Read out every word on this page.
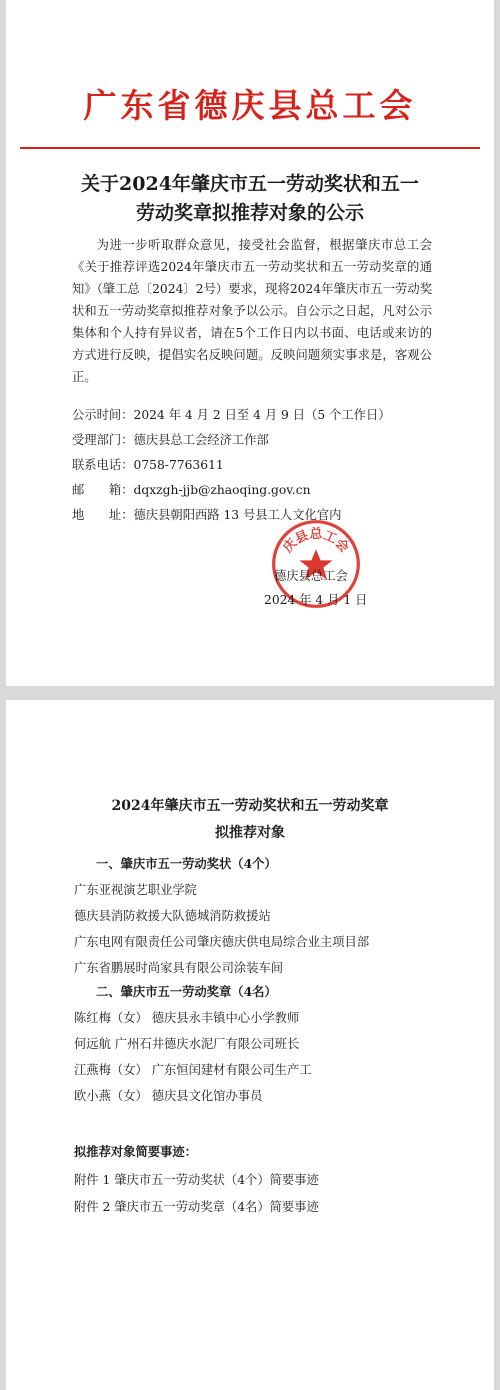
广东省德庆县总工会
关于2024年肇庆市五一劳动奖状和五一
劳动奖章拟推荐对象的公示
为进一步听取群众意见，接受社会监督，根据肇庆市总工会《关于推荐评选2024年肇庆市五一劳动奖状和五一劳动奖章的通知》（肇工总〔2024〕2号）要求，现将2024年肇庆市五一劳动奖状和五一劳动奖章拟推荐对象予以公示。自公示之日起，凡对公示集体和个人持有异议者，请在5个工作日内以书面、电话或来访的方式进行反映，提倡实名反映问题。反映问题须实事求是，客观公正。
公示时间：2024 年 4 月 2 日至 4 月 9 日（5 个工作日）
受理部门：德庆县总工会经济工作部
联系电话：0758-7763611
邮　　箱：dqxzgh-jjb@zhaoqing.gov.cn
地　　址：德庆县朝阳西路 13 号县工人文化官内
庆县总工会
德庆县总工会
2024 年 4 月 1 日
2024年肇庆市五一劳动奖状和五一劳动奖章
拟推荐对象
一、肇庆市五一劳动奖状（4个）
广东亚视演艺职业学院
德庆县消防救援大队德城消防救援站
广东电网有限责任公司肇庆德庆供电局综合业主项目部
广东省鹏展时尚家具有限公司涂装车间
二、肇庆市五一劳动奖章（4名）
陈红梅（女） 德庆县永丰镇中心小学教师
何远航 广州石井德庆水泥厂有限公司班长
江燕梅（女） 广东恒闰建材有限公司生产工
欧小燕（女） 德庆县文化馆办事员
拟推荐对象简要事迹：
附件 1 肇庆市五一劳动奖状（4个）简要事迹
附件 2 肇庆市五一劳动奖章（4名）简要事迹
